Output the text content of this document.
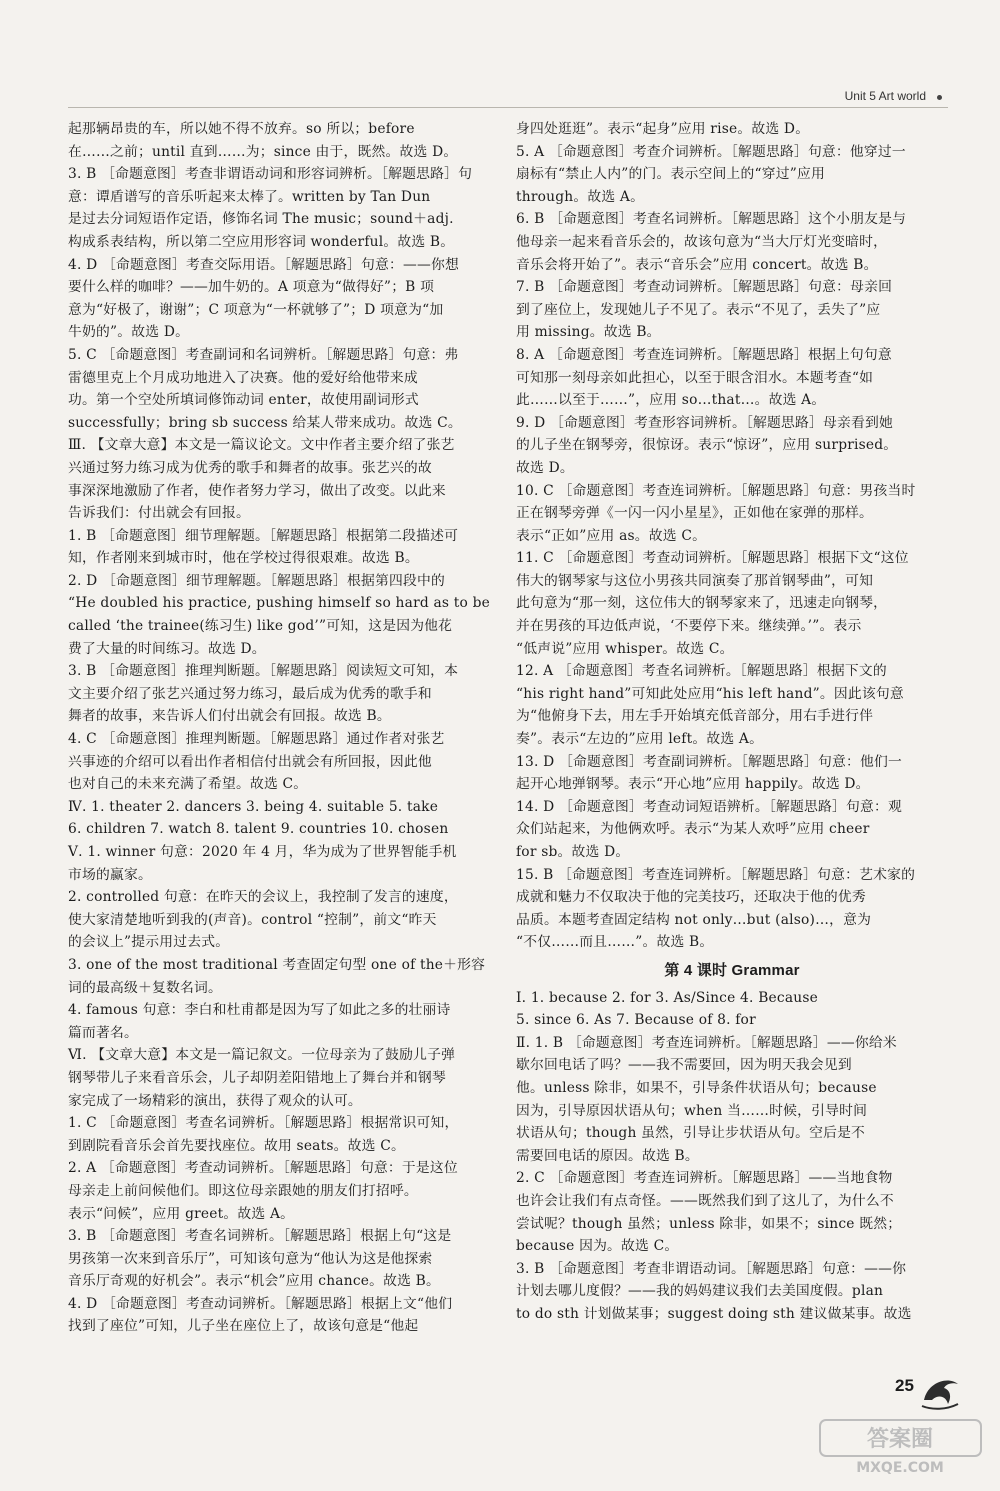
Unit 5 Art world

起那辆昂贵的车，所以她不得不放弃。so 所以；before

在……之前；until 直到……为；since 由于，既然。故选 D。

3. B ［命题意图］考查非谓语动词和形容词辨析。［解题思路］句

意：谭盾谱写的音乐听起来太棒了。written by Tan Dun

是过去分词短语作定语，修饰名词 The music；sound＋adj.

构成系表结构，所以第二空应用形容词 wonderful。故选 B。

4. D ［命题意图］考查交际用语。［解题思路］句意：——你想

要什么样的咖啡？——加牛奶的。A 项意为“做得好”；B 项

意为“好极了，谢谢”；C 项意为“一杯就够了”；D 项意为“加

牛奶的”。故选 D。

5. C ［命题意图］考查副词和名词辨析。［解题思路］句意：弗

雷德里克上个月成功地进入了决赛。他的爱好给他带来成

功。第一个空处所填词修饰动词 enter，故使用副词形式

successfully；bring sb success 给某人带来成功。故选 C。

Ⅲ. 【文章大意】本文是一篇议论文。文中作者主要介绍了张艺

兴通过努力练习成为优秀的歌手和舞者的故事。张艺兴的故

事深深地激励了作者，使作者努力学习，做出了改变。以此来

告诉我们：付出就会有回报。

1. B ［命题意图］细节理解题。［解题思路］根据第二段描述可

知，作者刚来到城市时，他在学校过得很艰难。故选 B。

2. D ［命题意图］细节理解题。［解题思路］根据第四段中的

“He doubled his practice, pushing himself so hard as to be

called ‘the trainee(练习生) like god’”可知，这是因为他花

费了大量的时间练习。故选 D。

3. B ［命题意图］推理判断题。［解题思路］阅读短文可知，本

文主要介绍了张艺兴通过努力练习，最后成为优秀的歌手和

舞者的故事，来告诉人们付出就会有回报。故选 B。

4. C ［命题意图］推理判断题。［解题思路］通过作者对张艺

兴事迹的介绍可以看出作者相信付出就会有所回报，因此他

也对自己的未来充满了希望。故选 C。

Ⅳ. 1. theater 2. dancers 3. being 4. suitable 5. take

6. children 7. watch 8. talent 9. countries 10. chosen

Ⅴ. 1. winner 句意：2020 年 4 月，华为成为了世界智能手机

市场的赢家。

2. controlled 句意：在昨天的会议上，我控制了发言的速度，

使大家清楚地听到我的(声音)。control “控制”，前文“昨天

的会议上”提示用过去式。

3. one of the most traditional 考查固定句型 one of the＋形容

词的最高级＋复数名词。

4. famous 句意：李白和杜甫都是因为写了如此之多的壮丽诗

篇而著名。

Ⅵ. 【文章大意】本文是一篇记叙文。一位母亲为了鼓励儿子弹

钢琴带儿子来看音乐会，儿子却阴差阳错地上了舞台并和钢琴

家完成了一场精彩的演出，获得了观众的认可。

1. C ［命题意图］考查名词辨析。［解题思路］根据常识可知，

到剧院看音乐会首先要找座位。故用 seats。故选 C。

2. A ［命题意图］考查动词辨析。［解题思路］句意：于是这位

母亲走上前问候他们。即这位母亲跟她的朋友们打招呼。

表示“问候”，应用 greet。故选 A。

3. B ［命题意图］考查名词辨析。［解题思路］根据上句“这是

男孩第一次来到音乐厅”，可知该句意为“他认为这是他探索

音乐厅奇观的好机会”。表示“机会”应用 chance。故选 B。

4. D ［命题意图］考查动词辨析。［解题思路］根据上文“他们

找到了座位”可知，儿子坐在座位上了，故该句意是“他起

身四处逛逛”。表示“起身”应用 rise。故选 D。

5. A ［命题意图］考查介词辨析。［解题思路］句意：他穿过一

扇标有“禁止人内”的门。表示空间上的“穿过”应用

through。故选 A。

6. B ［命题意图］考查名词辨析。［解题思路］这个小朋友是与

他母亲一起来看音乐会的，故该句意为“当大厅灯光变暗时，

音乐会将开始了”。表示“音乐会”应用 concert。故选 B。

7. B ［命题意图］考查动词辨析。［解题思路］句意：母亲回

到了座位上，发现她儿子不见了。表示“不见了，丢失了”应

用 missing。故选 B。

8. A ［命题意图］考查连词辨析。［解题思路］根据上句句意

可知那一刻母亲如此担心，以至于眼含泪水。本题考查“如

此……以至于……”，应用 so…that…。故选 A。

9. D ［命题意图］考查形容词辨析。［解题思路］母亲看到她

的儿子坐在钢琴旁，很惊讶。表示“惊讶”，应用 surprised。

故选 D。

10. C ［命题意图］考查连词辨析。［解题思路］句意：男孩当时

正在钢琴旁弹《一闪一闪小星星》，正如他在家弹的那样。

表示“正如”应用 as。故选 C。

11. C ［命题意图］考查动词辨析。［解题思路］根据下文“这位

伟大的钢琴家与这位小男孩共同演奏了那首钢琴曲”，可知

此句意为“那一刻，这位伟大的钢琴家来了，迅速走向钢琴，

并在男孩的耳边低声说，‘不要停下来。继续弹。’”。表示

“低声说”应用 whisper。故选 C。

12. A ［命题意图］考查名词辨析。［解题思路］根据下文的

“his right hand”可知此处应用“his left hand”。因此该句意

为“他俯身下去，用左手开始填充低音部分，用右手进行伴

奏”。表示“左边的”应用 left。故选 A。

13. D ［命题意图］考查副词辨析。［解题思路］句意：他们一

起开心地弹钢琴。表示“开心地”应用 happily。故选 D。

14. D ［命题意图］考查动词短语辨析。［解题思路］句意：观

众们站起来，为他俩欢呼。表示“为某人欢呼”应用 cheer

for sb。故选 D。

15. B ［命题意图］考查连词辨析。［解题思路］句意：艺术家的

成就和魅力不仅取决于他的完美技巧，还取决于他的优秀

品质。本题考查固定结构 not only…but (also)…，意为

“不仅……而且……”。故选 B。

第 4 课时 Grammar

Ⅰ. 1. because 2. for 3. As/Since 4. Because

5. since 6. As 7. Because of 8. for

Ⅱ. 1. B ［命题意图］考查连词辨析。［解题思路］——你给米

歇尔回电话了吗？——我不需要回，因为明天我会见到

他。unless 除非，如果不，引导条件状语从句；because

因为，引导原因状语从句；when 当……时候，引导时间

状语从句；though 虽然，引导让步状语从句。空后是不

需要回电话的原因。故选 B。

2. C ［命题意图］考查连词辨析。［解题思路］——当地食物

也许会让我们有点奇怪。——既然我们到了这儿了，为什么不

尝试呢？though 虽然；unless 除非，如果不；since 既然；

because 因为。故选 C。

3. B ［命题意图］考查非谓语动词。［解题思路］句意：——你

计划去哪儿度假？——我的妈妈建议我们去美国度假。plan

to do sth 计划做某事；suggest doing sth 建议做某事。故选

25
答案圈
MXQE.COM
